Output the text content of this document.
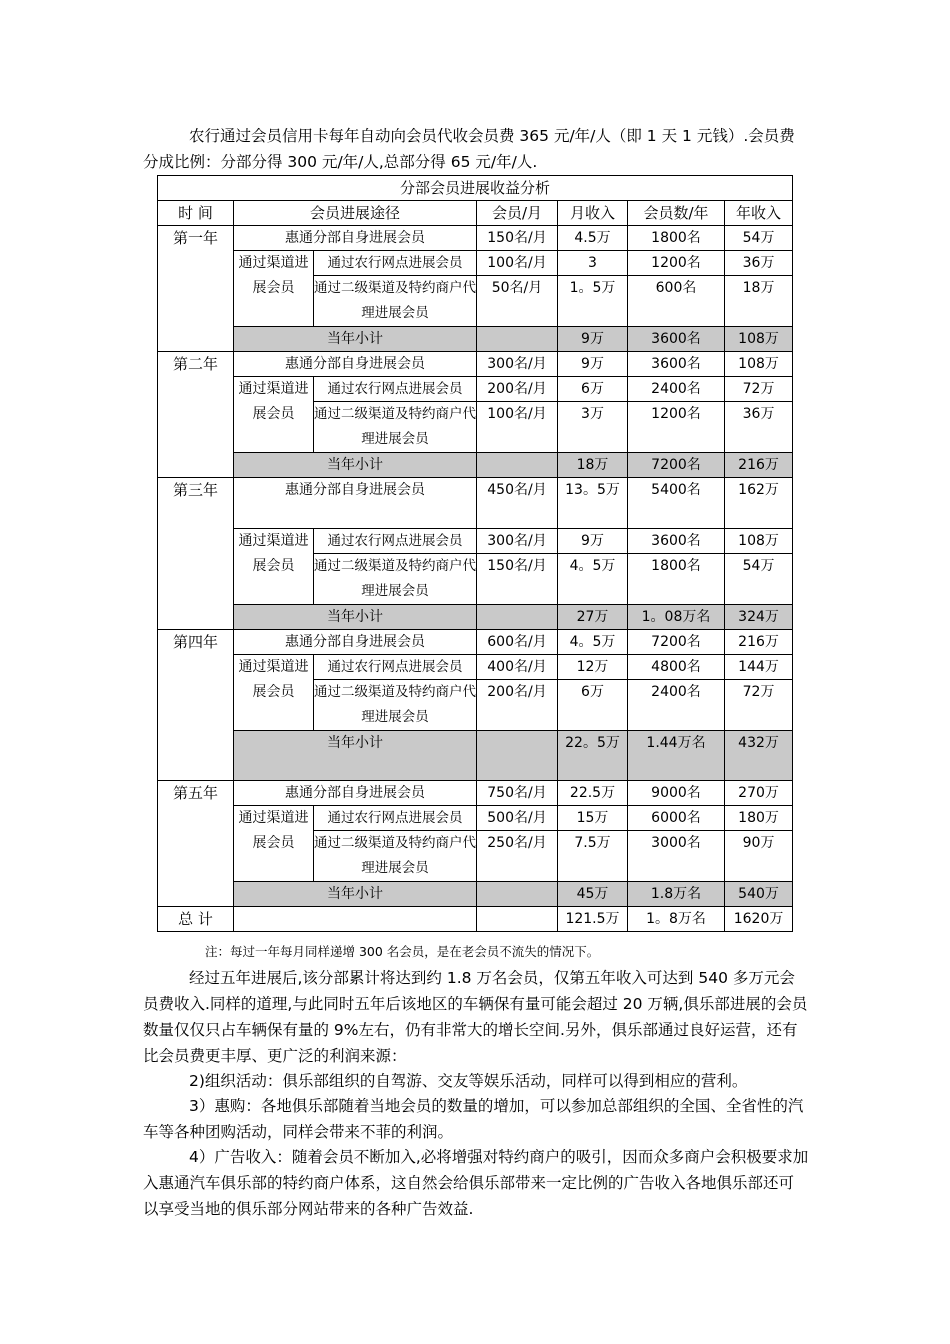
农行通过会员信用卡每年自动向会员代收会员费 365 元/年/人（即 1 天 1 元钱）.会员费分成比例：分部分得 300 元/年/人,总部分得 65 元/年/人.

分部会员进展收益分析						
时 间	会员进展途径		会员/月	月收入	会员数/年	年收入
第一年	惠通分部自身进展会员		150名/月	4.5万	1800名	54万
	通过渠道进展会员	通过农行网点进展会员	100名/月	3	1200名	36万
		通过二级渠道及特约商户代理进展会员	50名/月	1。5万	600名	18万
	当年小计			9万	3600名	108万
第二年	惠通分部自身进展会员		300名/月	9万	3600名	108万
	通过渠道进展会员	通过农行网点进展会员	200名/月	6万	2400名	72万
		通过二级渠道及特约商户代理进展会员	100名/月	3万	1200名	36万
	当年小计			18万	7200名	216万
第三年	惠通分部自身进展会员		450名/月	13。5万	5400名	162万
	通过渠道进展会员	通过农行网点进展会员	300名/月	9万	3600名	108万
		通过二级渠道及特约商户代理进展会员	150名/月	4。5万	1800名	54万
	当年小计			27万	1。08万名	324万
第四年	惠通分部自身进展会员		600名/月	4。5万	7200名	216万
	通过渠道进展会员	通过农行网点进展会员	400名/月	12万	4800名	144万
		通过二级渠道及特约商户代理进展会员	200名/月	6万	2400名	72万
	当年小计			22。5万	1.44万名	432万
第五年	惠通分部自身进展会员		750名/月	22.5万	9000名	270万
	通过渠道进展会员	通过农行网点进展会员	500名/月	15万	6000名	180万
		通过二级渠道及特约商户代理进展会员	250名/月	7.5万	3000名	90万
	当年小计			45万	1.8万名	540万
总 计				121.5万	1。8万名	1620万
注：每过一年每月同样递增 300 名会员，是在老会员不流失的情况下。

经过五年进展后,该分部累计将达到约 1.8 万名会员，仅第五年收入可达到 540 多万元会员费收入.同样的道理,与此同时五年后该地区的车辆保有量可能会超过 20 万辆,俱乐部进展的会员数量仅仅只占车辆保有量的 9%左右，仍有非常大的增长空间.另外，俱乐部通过良好运营，还有比会员费更丰厚、更广泛的利润来源：

2)组织活动：俱乐部组织的自驾游、交友等娱乐活动，同样可以得到相应的营利。

3）惠购：各地俱乐部随着当地会员的数量的增加，可以参加总部组织的全国、全省性的汽车等各种团购活动，同样会带来不菲的利润。

4）广告收入：随着会员不断加入,必将增强对特约商户的吸引，因而众多商户会积极要求加入惠通汽车俱乐部的特约商户体系，这自然会给俱乐部带来一定比例的广告收入各地俱乐部还可以享受当地的俱乐部分网站带来的各种广告效益.
